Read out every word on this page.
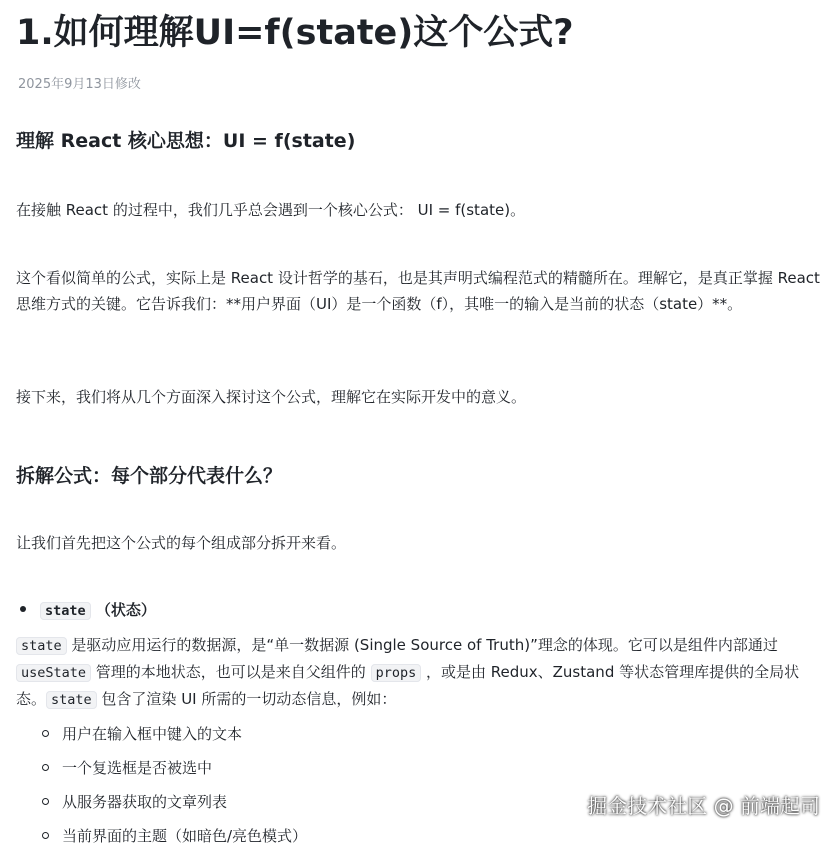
1.如何理解UI=f(state)这个公式?
2025年9月13日修改
理解 React 核心思想：UI = f(state)

在接触 React 的过程中，我们几乎总会遇到一个核心公式： UI = f(state)。

这个看似简单的公式，实际上是 React 设计哲学的基石，也是其声明式编程范式的精髓所在。理解它，是真正掌握 React 思维方式的关键。它告诉我们：**用户界面（UI）是一个函数（f），其唯一的输入是当前的状态（state）**。

接下来，我们将从几个方面深入探讨这个公式，理解它在实际开发中的意义。

拆解公式：每个部分代表什么？

让我们首先把这个公式的每个组成部分拆开来看。

state （状态）

state 是驱动应用运行的数据源，是“单一数据源 (Single Source of Truth)”理念的体现。它可以是组件内部通过 useState 管理的本地状态，也可以是来自父组件的 props ，或是由 Redux、Zustand 等状态管理库提供的全局状态。 state 包含了渲染 UI 所需的一切动态信息，例如：

用户在输入框中键入的文本
一个复选框是否被选中
从服务器获取的文章列表
当前界面的主题（如暗色/亮色模式）
掘金技术社区 @ 前端起司
